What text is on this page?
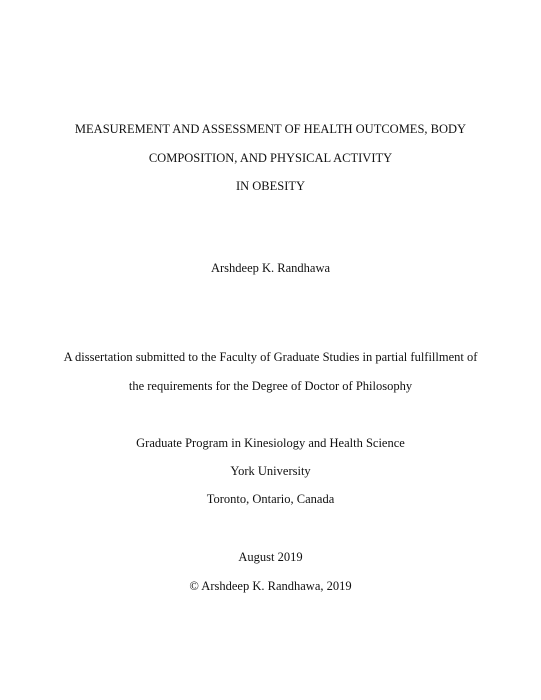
MEASUREMENT AND ASSESSMENT OF HEALTH OUTCOMES, BODY
COMPOSITION, AND PHYSICAL ACTIVITY
IN OBESITY
Arshdeep K. Randhawa
A dissertation submitted to the Faculty of Graduate Studies in partial fulfillment of
the requirements for the Degree of Doctor of Philosophy
Graduate Program in Kinesiology and Health Science
York University
Toronto, Ontario, Canada
August 2019
© Arshdeep K. Randhawa, 2019
